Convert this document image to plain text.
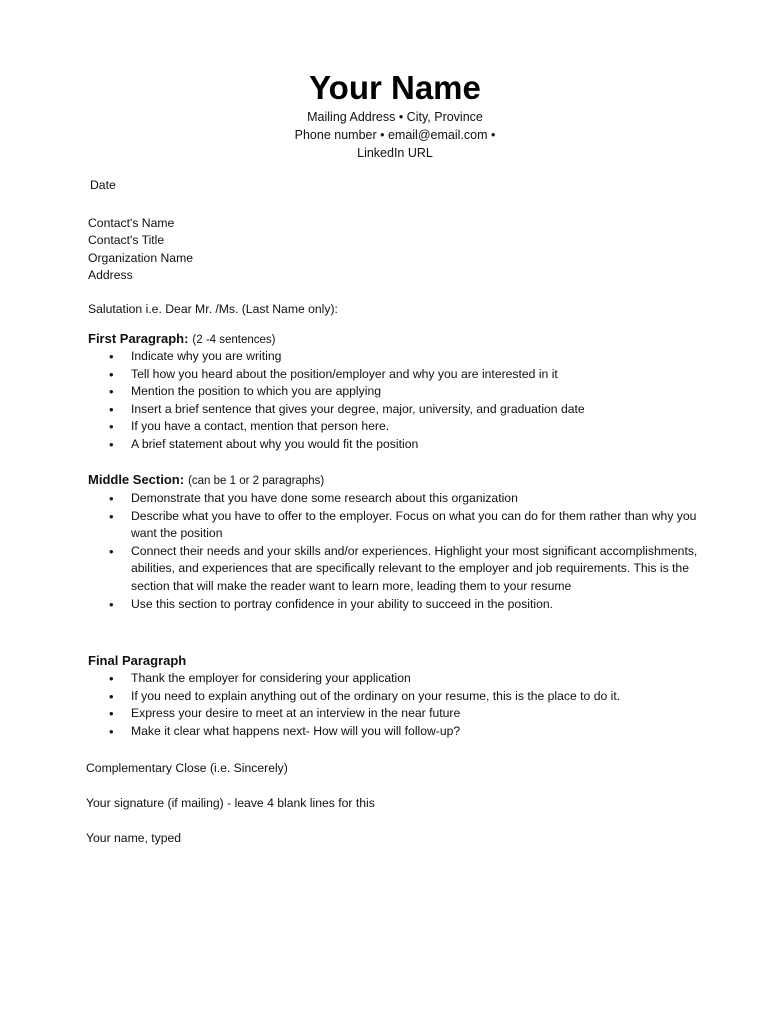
Your Name
Mailing Address • City, Province
Phone number • email@email.com •
LinkedIn URL
Date

Contact's Name

Contact's Title

Organization Name

Address

Salutation i.e. Dear Mr. /Ms. (Last Name only):
First Paragraph: (2 -4 sentences)
• Indicate why you are writing
• Tell how you heard about the position/employer and why you are interested in it
• Mention the position to which you are applying
• Insert a brief sentence that gives your degree, major, university, and graduation date
• If you have a contact, mention that person here.
• A brief statement about why you would fit the position
Middle Section: (can be 1 or 2 paragraphs)
• Demonstrate that you have done some research about this organization
• Describe what you have to offer to the employer. Focus on what you can do for them rather than why you want the position
• Connect their needs and your skills and/or experiences. Highlight your most significant accomplishments, abilities, and experiences that are specifically relevant to the employer and job requirements. This is the section that will make the reader want to learn more, leading them to your resume
• Use this section to portray confidence in your ability to succeed in the position.
Final Paragraph
• Thank the employer for considering your application
• If you need to explain anything out of the ordinary on your resume, this is the place to do it.
• Express your desire to meet at an interview in the near future
• Make it clear what happens next- How will you will follow-up?
Complementary Close (i.e. Sincerely)
Your signature (if mailing) - leave 4 blank lines for this
Your name, typed
